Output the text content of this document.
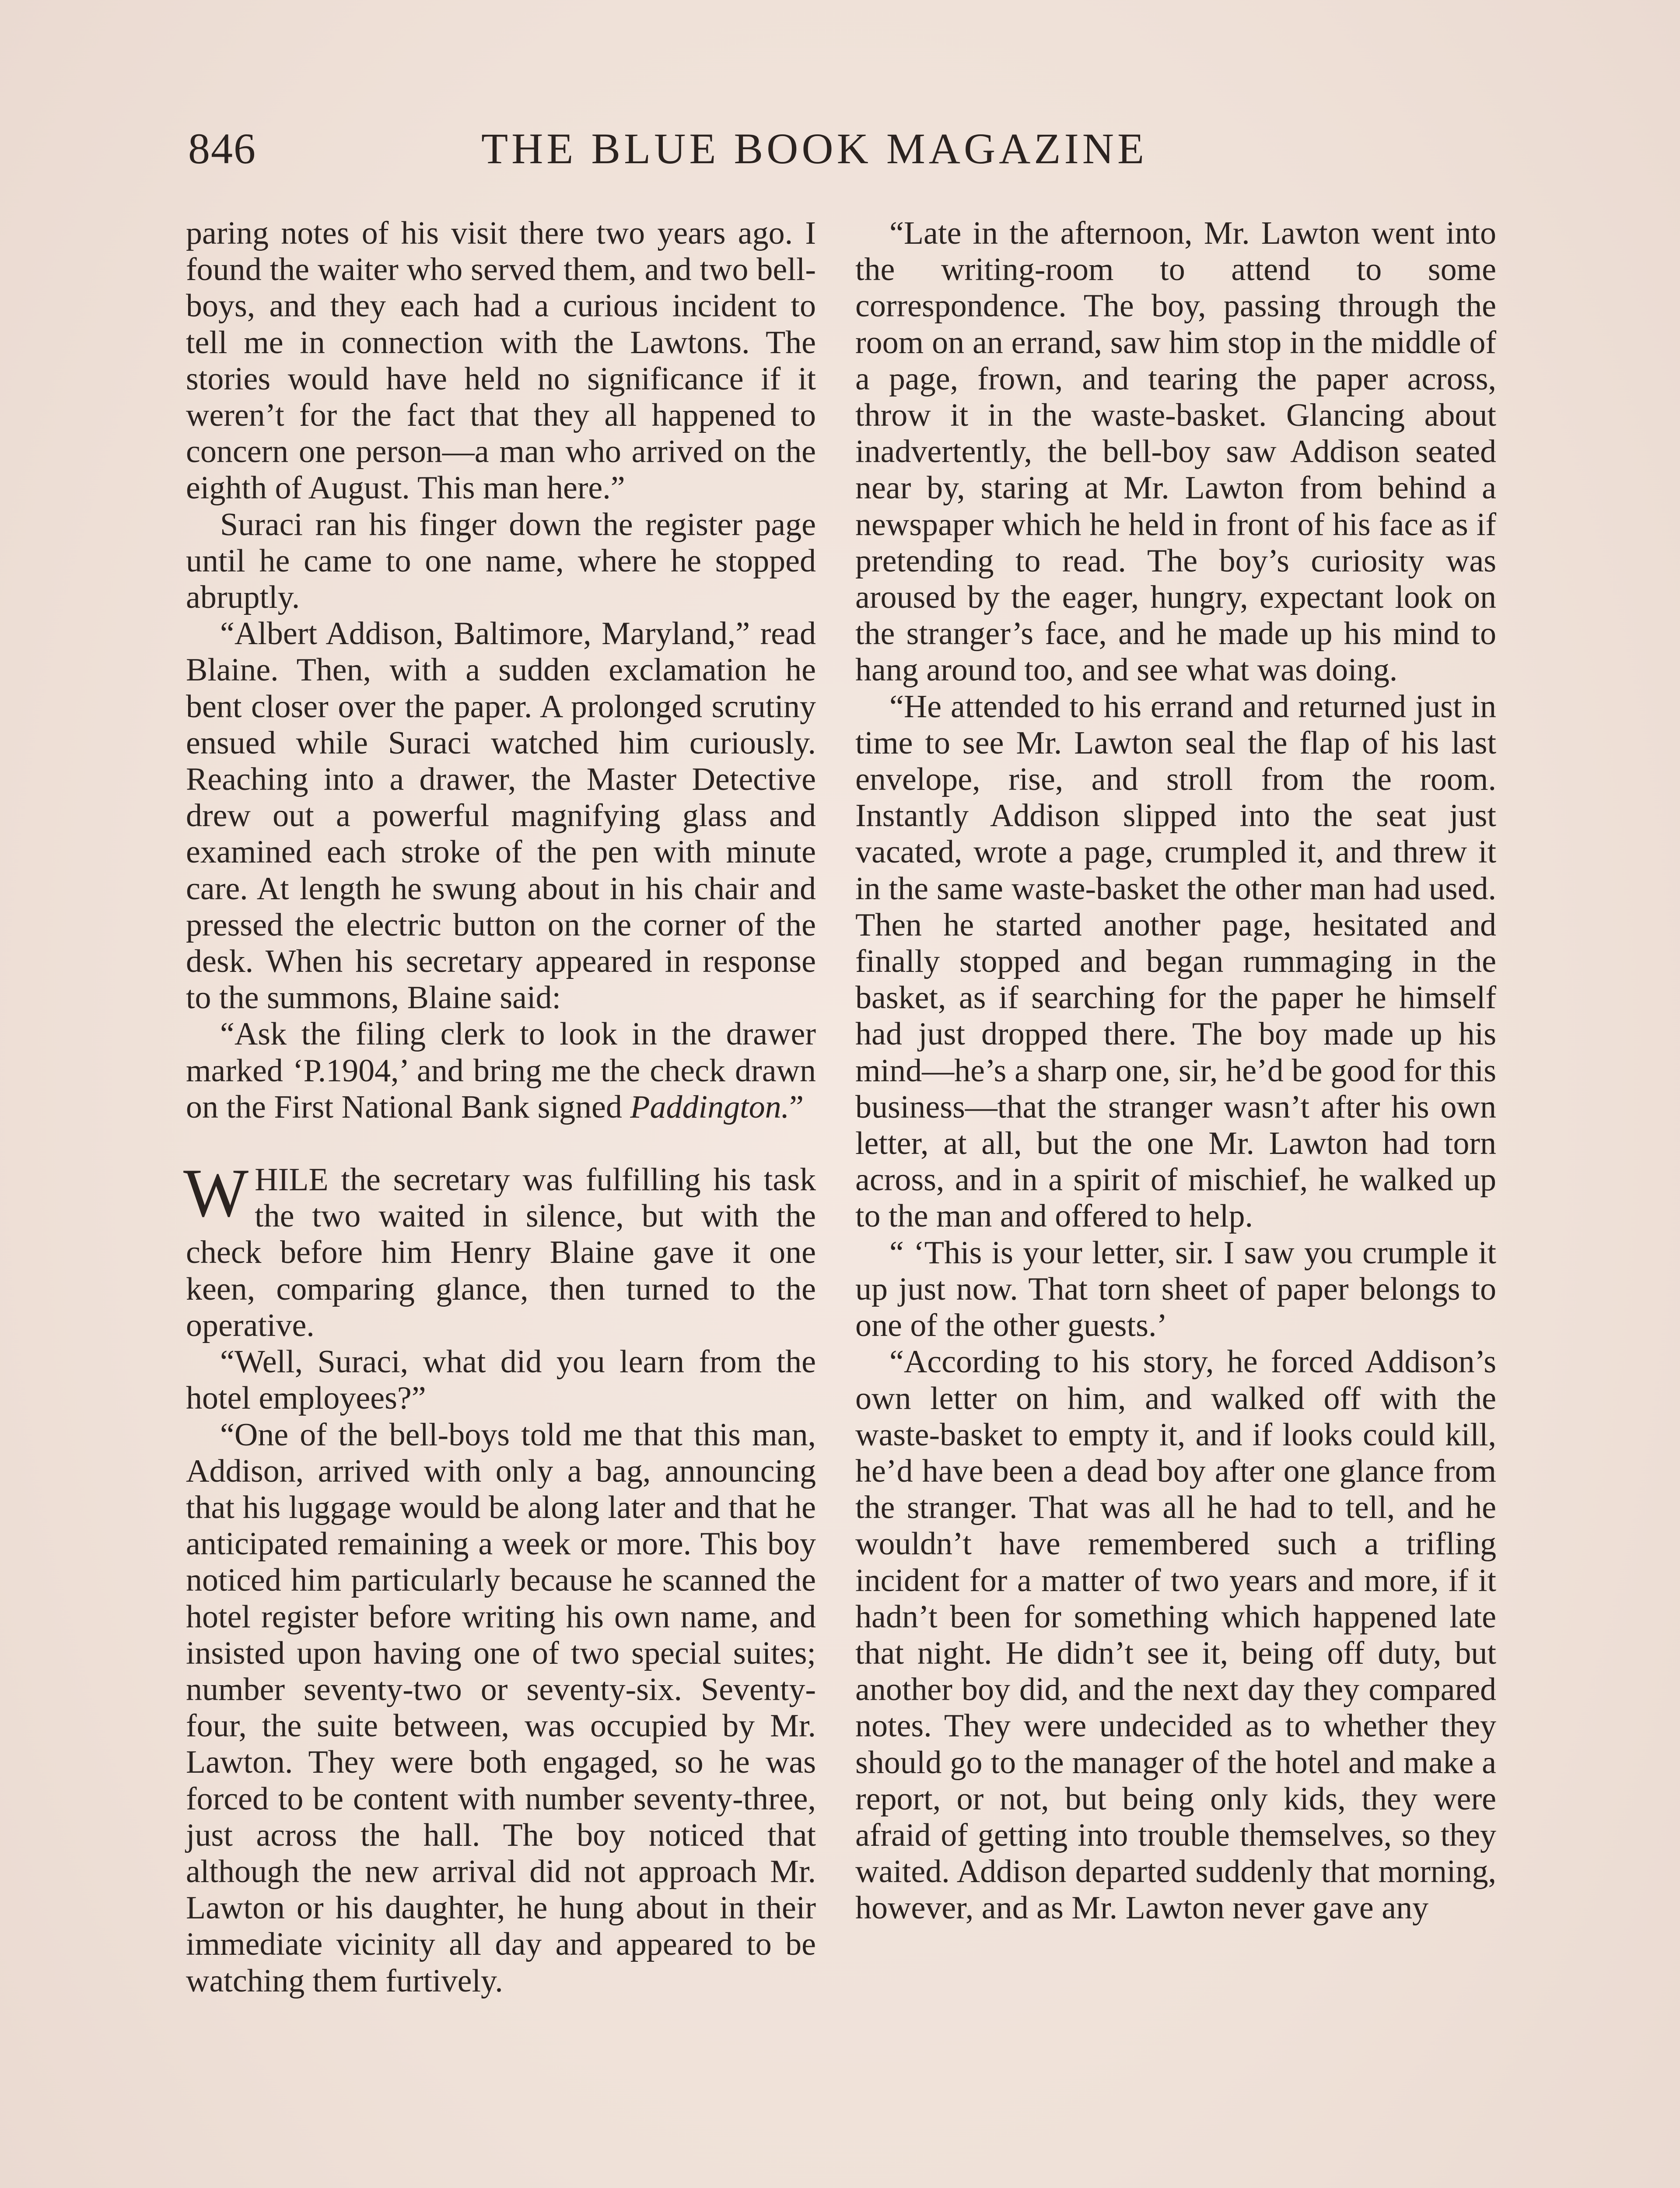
846	THE BLUE BOOK MAGAZINE

paring notes of his visit there two years ago. I found the waiter who served them, and two bell-boys, and they each had a curious incident to tell me in connection with the Lawtons. The stories would have held no significance if it weren’t for the fact that they all happened to concern one person—a man who arrived on the eighth of August. This man here.”

Suraci ran his finger down the register page until he came to one name, where he stopped abruptly.

“Albert Addison, Baltimore, Maryland,” read Blaine. Then, with a sudden exclamation he bent closer over the paper. A prolonged scrutiny ensued while Suraci watched him curiously. Reaching into a drawer, the Master Detective drew out a powerful magnifying glass and examined each stroke of the pen with minute care. At length he swung about in his chair and pressed the electric button on the corner of the desk. When his secretary appeared in response to the summons, Blaine said:

“Ask the filing clerk to look in the drawer marked ‘P.1904,’ and bring me the check drawn on the First National Bank signed Paddington.”

WHILE the secretary was fulfilling his task the two waited in silence, but with the check before him Henry Blaine gave it one keen, comparing glance, then turned to the operative.

“Well, Suraci, what did you learn from the hotel employees?”

“One of the bell-boys told me that this man, Addison, arrived with only a bag, announcing that his luggage would be along later and that he anticipated remaining a week or more. This boy noticed him particularly because he scanned the hotel register before writing his own name, and insisted upon having one of two special suites; number seventy-two or seventy-six. Seventy-four, the suite between, was occupied by Mr. Lawton. They were both engaged, so he was forced to be content with number seventy-three, just across the hall. The boy noticed that although the new arrival did not approach Mr. Lawton or his daughter, he hung about in their immediate vicinity all day and appeared to be watching them furtively.

“Late in the afternoon, Mr. Lawton went into the writing-room to attend to some correspondence. The boy, passing through the room on an errand, saw him stop in the middle of a page, frown, and tearing the paper across, throw it in the waste-basket. Glancing about inadvertently, the bell-boy saw Addison seated near by, staring at Mr. Lawton from behind a newspaper which he held in front of his face as if pretending to read. The boy’s curiosity was aroused by the eager, hungry, expectant look on the stranger’s face, and he made up his mind to hang around too, and see what was doing.

“He attended to his errand and returned just in time to see Mr. Lawton seal the flap of his last envelope, rise, and stroll from the room. Instantly Addison slipped into the seat just vacated, wrote a page, crumpled it, and threw it in the same waste-basket the other man had used. Then he started another page, hesitated and finally stopped and began rummaging in the basket, as if searching for the paper he himself had just dropped there. The boy made up his mind—he’s a sharp one, sir, he’d be good for this business—that the stranger wasn’t after his own letter, at all, but the one Mr. Lawton had torn across, and in a spirit of mischief, he walked up to the man and offered to help.

“ ‘This is your letter, sir. I saw you crumple it up just now. That torn sheet of paper belongs to one of the other guests.’

“According to his story, he forced Addison’s own letter on him, and walked off with the waste-basket to empty it, and if looks could kill, he’d have been a dead boy after one glance from the stranger. That was all he had to tell, and he wouldn’t have remembered such a trifling incident for a matter of two years and more, if it hadn’t been for something which happened late that night. He didn’t see it, being off duty, but another boy did, and the next day they compared notes. They were undecided as to whether they should go to the manager of the hotel and make a report, or not, but being only kids, they were afraid of getting into trouble themselves, so they waited. Addison departed suddenly that morning, however, and as Mr. Lawton never gave any
